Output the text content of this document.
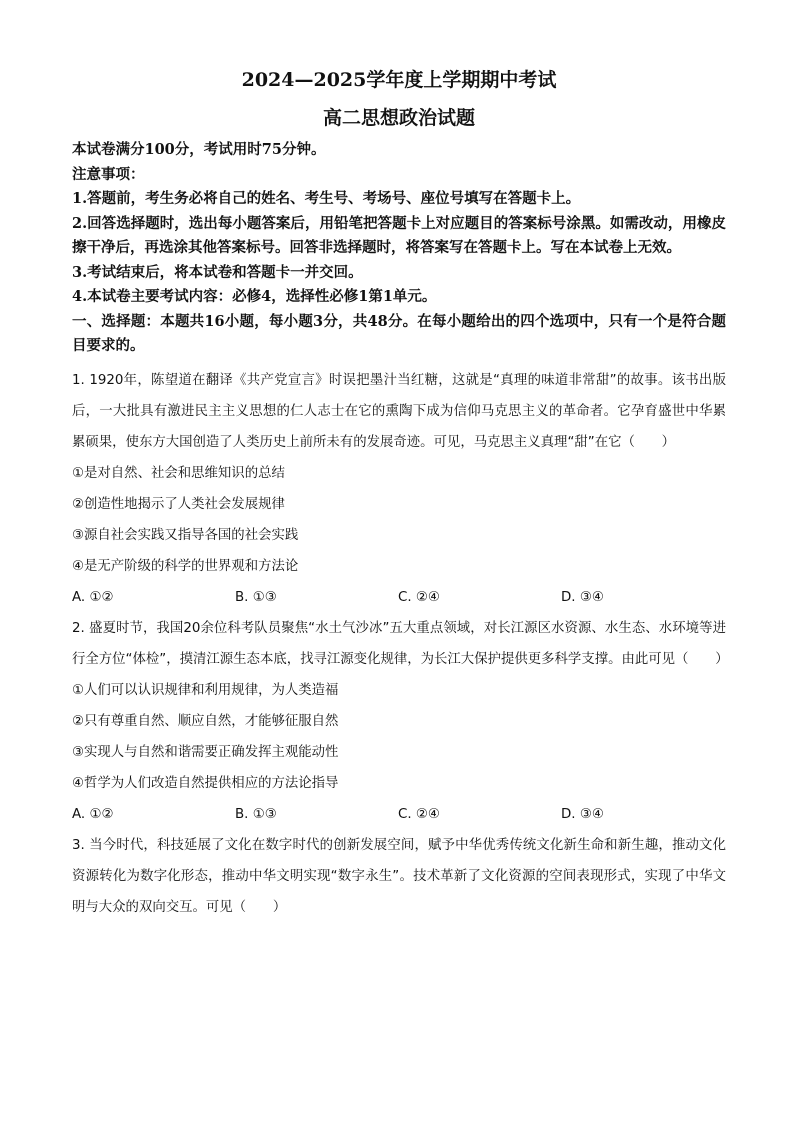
2024—2025学年度上学期期中考试

高二思想政治试题

本试卷满分100分，考试用时75分钟。

注意事项：

1.答题前，考生务必将自己的姓名、考生号、考场号、座位号填写在答题卡上。

2.回答选择题时，选出每小题答案后，用铅笔把答题卡上对应题目的答案标号涂黑。如需改动，用橡皮擦干净后，再选涂其他答案标号。回答非选择题时，将答案写在答题卡上。写在本试卷上无效。

3.考试结束后，将本试卷和答题卡一并交回。

4.本试卷主要考试内容：必修4，选择性必修1第1单元。

一、选择题：本题共16小题，每小题3分，共48分。在每小题给出的四个选项中，只有一个是符合题目要求的。

1. 1920年，陈望道在翻译《共产党宣言》时误把墨汁当红糖，这就是“真理的味道非常甜”的故事。该书出版后，一大批具有激进民主主义思想的仁人志士在它的熏陶下成为信仰马克思主义的革命者。它孕育盛世中华累累硕果，使东方大国创造了人类历史上前所未有的发展奇迹。可见，马克思主义真理“甜”在它（　　）

①是对自然、社会和思维知识的总结

②创造性地揭示了人类社会发展规律

③源自社会实践又指导各国的社会实践

④是无产阶级的科学的世界观和方法论

A. ①②	B. ①③	C. ②④	D. ③④

2. 盛夏时节，我国20余位科考队员聚焦“水土气沙冰”五大重点领域，对长江源区水资源、水生态、水环境等进行全方位“体检”，摸清江源生态本底，找寻江源变化规律，为长江大保护提供更多科学支撑。由此可见（　　）

①人们可以认识规律和利用规律，为人类造福

②只有尊重自然、顺应自然，才能够征服自然

③实现人与自然和谐需要正确发挥主观能动性

④哲学为人们改造自然提供相应的方法论指导

A. ①②	B. ①③	C. ②④	D. ③④

3. 当今时代，科技延展了文化在数字时代的创新发展空间，赋予中华优秀传统文化新生命和新生趣，推动文化资源转化为数字化形态，推动中华文明实现“数字永生”。技术革新了文化资源的空间表现形式，实现了中华文明与大众的双向交互。可见（　　）
